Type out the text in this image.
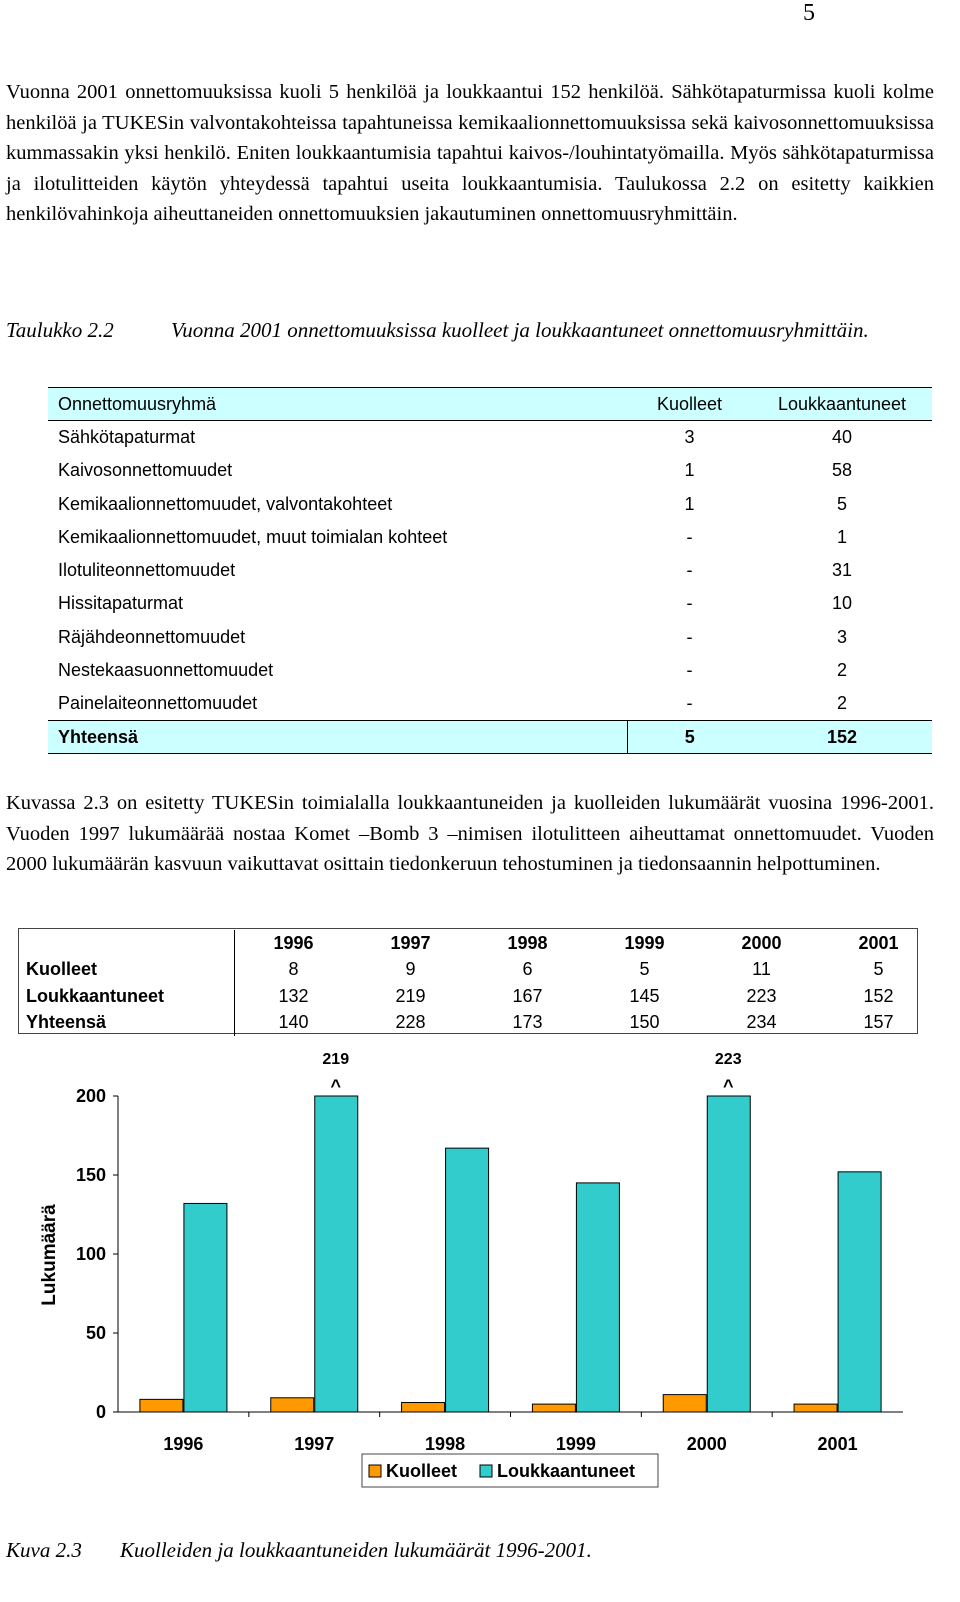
5

Vuonna 2001 onnettomuuksissa kuoli 5 henkilöä ja loukkaantui 152 henkilöä. Sähkötapaturmissa kuoli kolme henkilöä ja TUKESin valvontakohteissa tapahtuneissa kemikaalionnettomuuksissa sekä kaivosonnettomuuksissa kummassakin yksi henkilö. Eniten loukkaantumisia tapahtui kaivos-/louhintatyömailla. Myös sähkötapaturmissa ja ilotulitteiden käytön yhteydessä tapahtui useita loukkaantumisia. Taulukossa 2.2 on esitetty kaikkien henkilövahinkoja aiheuttaneiden onnettomuuksien jakautuminen onnettomuusryhmittäin.

Taulukko 2.2	Vuonna 2001 onnettomuuksissa kuolleet ja loukkaantuneet onnettomuusryhmittäin.

Onnettomuusryhmä	Kuolleet	Loukkaantuneet
Sähkötapaturmat	3	40
Kaivosonnettomuudet	1	58
Kemikaalionnettomuudet, valvontakohteet	1	5
Kemikaalionnettomuudet, muut toimialan kohteet	-	1
Ilotuliteonnettomuudet	-	31
Hissitapaturmat	-	10
Räjähdeonnettomuudet	-	3
Nestekaasuonnettomuudet	-	2
Painelaiteonnettomuudet	-	2
Yhteensä	5	152

Kuvassa 2.3 on esitetty TUKESin toimialalla loukkaantuneiden ja kuolleiden lukumäärät vuosina 1996-2001. Vuoden 1997 lukumäärää nostaa Komet –Bomb 3 –nimisen ilotulitteen aiheuttamat onnettomuudet. Vuoden 2000 lukumäärän kasvuun vaikuttavat osittain tiedonkeruun tehostuminen ja tiedonsaannin helpottuminen.

		1996	1997	1998	1999	2000	2001
Kuolleet		8	9	6	5	11	5
Loukkaantuneet		132	219	167	145	223	152
Yhteensä		140	228	173	150	234	157
0
50
100
150
200
1996	1997	1998	1999	2000	2001
219
^
223
^
Lukumäärä
Kuolleet Loukkaantuneet

Kuva 2.3 Kuolleiden ja loukkaantuneiden lukumäärät 1996-2001.
